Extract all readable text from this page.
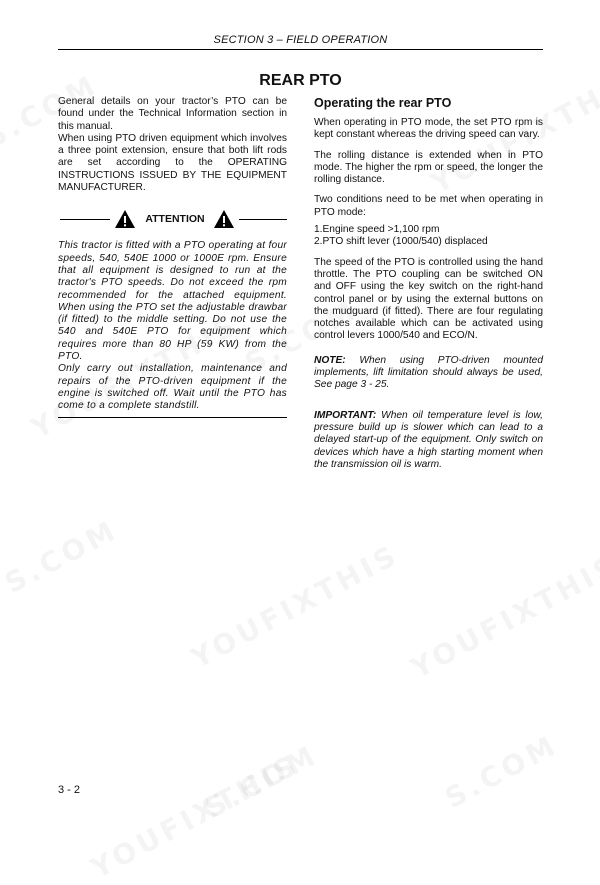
SECTION 3 – FIELD OPERATION
REAR PTO

General details on your tractor’s PTO can be found under the Technical Information section in this manual.

When using PTO driven equipment which involves a three point extension, ensure that both lift rods are set according to the OPERATING INSTRUCTIONS ISSUED BY THE EQUIPMENT MANUFACTURER.

ATTENTION

This tractor is fitted with a PTO operating at four speeds, 540, 540E 1000 or 1000E rpm. Ensure that all equipment is designed to run at the tractor's PTO speeds. Do not exceed the rpm recommended for the attached equipment. When using the PTO set the adjustable drawbar (if fitted) to the middle setting. Do not use the 540 and 540E PTO for equipment which requires more than 80 HP (59 KW) from the PTO.

Only carry out installation, maintenance and repairs of the PTO-driven equipment if the engine is switched off. Wait until the PTO has come to a complete standstill.

Operating the rear PTO

When operating in PTO mode, the set PTO rpm is kept constant whereas the driving speed can vary.

The rolling distance is extended when in PTO mode. The higher the rpm or speed, the longer the rolling distance.

Two conditions need to be met when operating in PTO mode:

1.Engine speed >1,100 rpm

2.PTO shift lever (1000/540) displaced

The speed of the PTO is controlled using the hand throttle. The PTO coupling can be switched ON and OFF using the key switch on the right-hand control panel or by using the external buttons on the mudguard (if fitted). There are four regulating notches available which can be activated using control levers 1000/540 and ECO/N.

NOTE: When using PTO-driven mounted implements, lift limitation should always be used, See page 3 - 25.

IMPORTANT: When oil temperature level is low, pressure build up is slower which can lead to a delayed start-up of the equipment. Only switch on devices which have a high starting moment when the transmission oil is warm.

3 - 2
